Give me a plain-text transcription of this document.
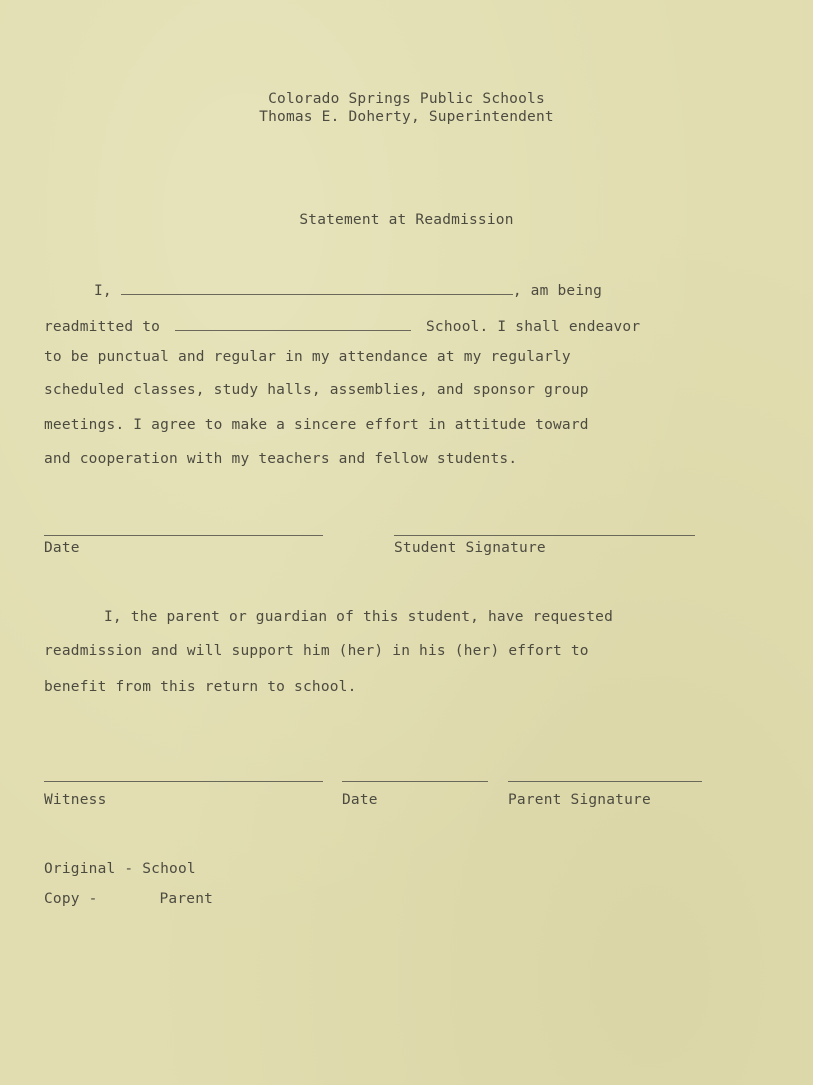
Colorado Springs Public Schools
Thomas E. Doherty, Superintendent
Statement at Readmission
I,	, am being
readmitted to	School. I shall endeavor
to be punctual and regular in my attendance at my regularly
scheduled classes, study halls, assemblies, and sponsor group
meetings. I agree to make a sincere effort in attitude toward
and cooperation with my teachers and fellow students.
Date	Student Signature
I, the parent or guardian of this student, have requested
readmission and will support him (her) in his (her) effort to
benefit from this return to school.
Witness	Date	Parent Signature
Original - School
Copy -	Parent
